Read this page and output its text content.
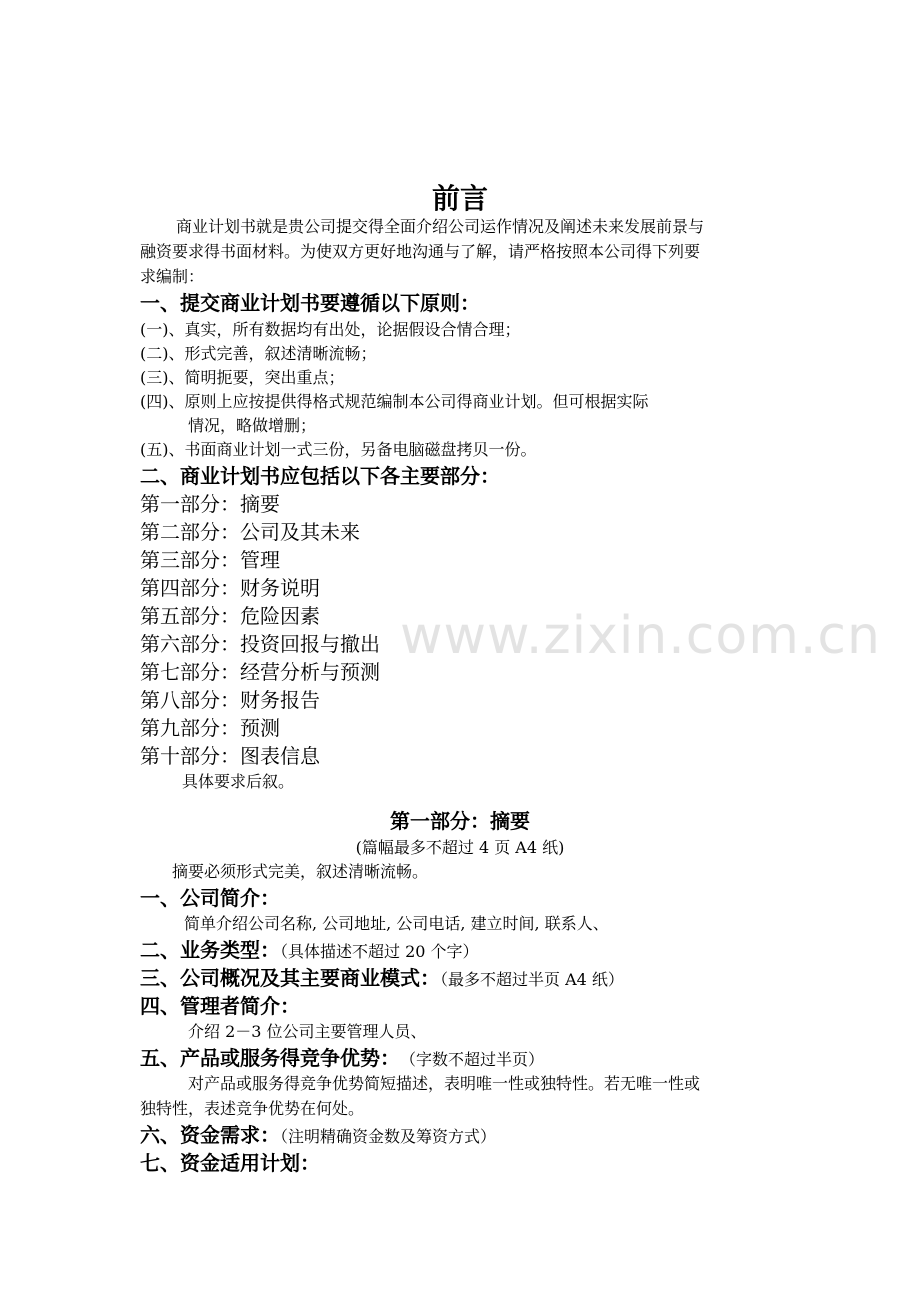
www.zixin.com.cn
前言
商业计划书就是贵公司提交得全面介绍公司运作情况及阐述未来发展前景与
融资要求得书面材料。为使双方更好地沟通与了解，请严格按照本公司得下列要
求编制：
一、提交商业计划书要遵循以下原则：
(一)、真实，所有数据均有出处，论据假设合情合理；
(二)、形式完善，叙述清晰流畅；
(三)、简明扼要，突出重点；
(四)、原则上应按提供得格式规范编制本公司得商业计划。但可根据实际
情况，略做增删；
(五)、书面商业计划一式三份，另备电脑磁盘拷贝一份。
二、商业计划书应包括以下各主要部分：
第一部分：摘要
第二部分：公司及其未来
第三部分：管理
第四部分：财务说明
第五部分：危险因素
第六部分：投资回报与撤出
第七部分：经营分析与预测
第八部分：财务报告
第九部分：预测
第十部分：图表信息
具体要求后叙。
第一部分：摘要
(篇幅最多不超过 4 页 A4 纸)
摘要必须形式完美，叙述清晰流畅。
一、公司简介：
简单介绍公司名称, 公司地址, 公司电话, 建立时间, 联系人、
二、业务类型：（具体描述不超过 20 个字）
三、公司概况及其主要商业模式：（最多不超过半页 A4 纸）
四、管理者简介：
介绍 2－3 位公司主要管理人员、
五、产品或服务得竞争优势： （字数不超过半页）
对产品或服务得竞争优势简短描述，表明唯一性或独特性。若无唯一性或
独特性，表述竞争优势在何处。
六、资金需求：（注明精确资金数及筹资方式）
七、资金适用计划：
